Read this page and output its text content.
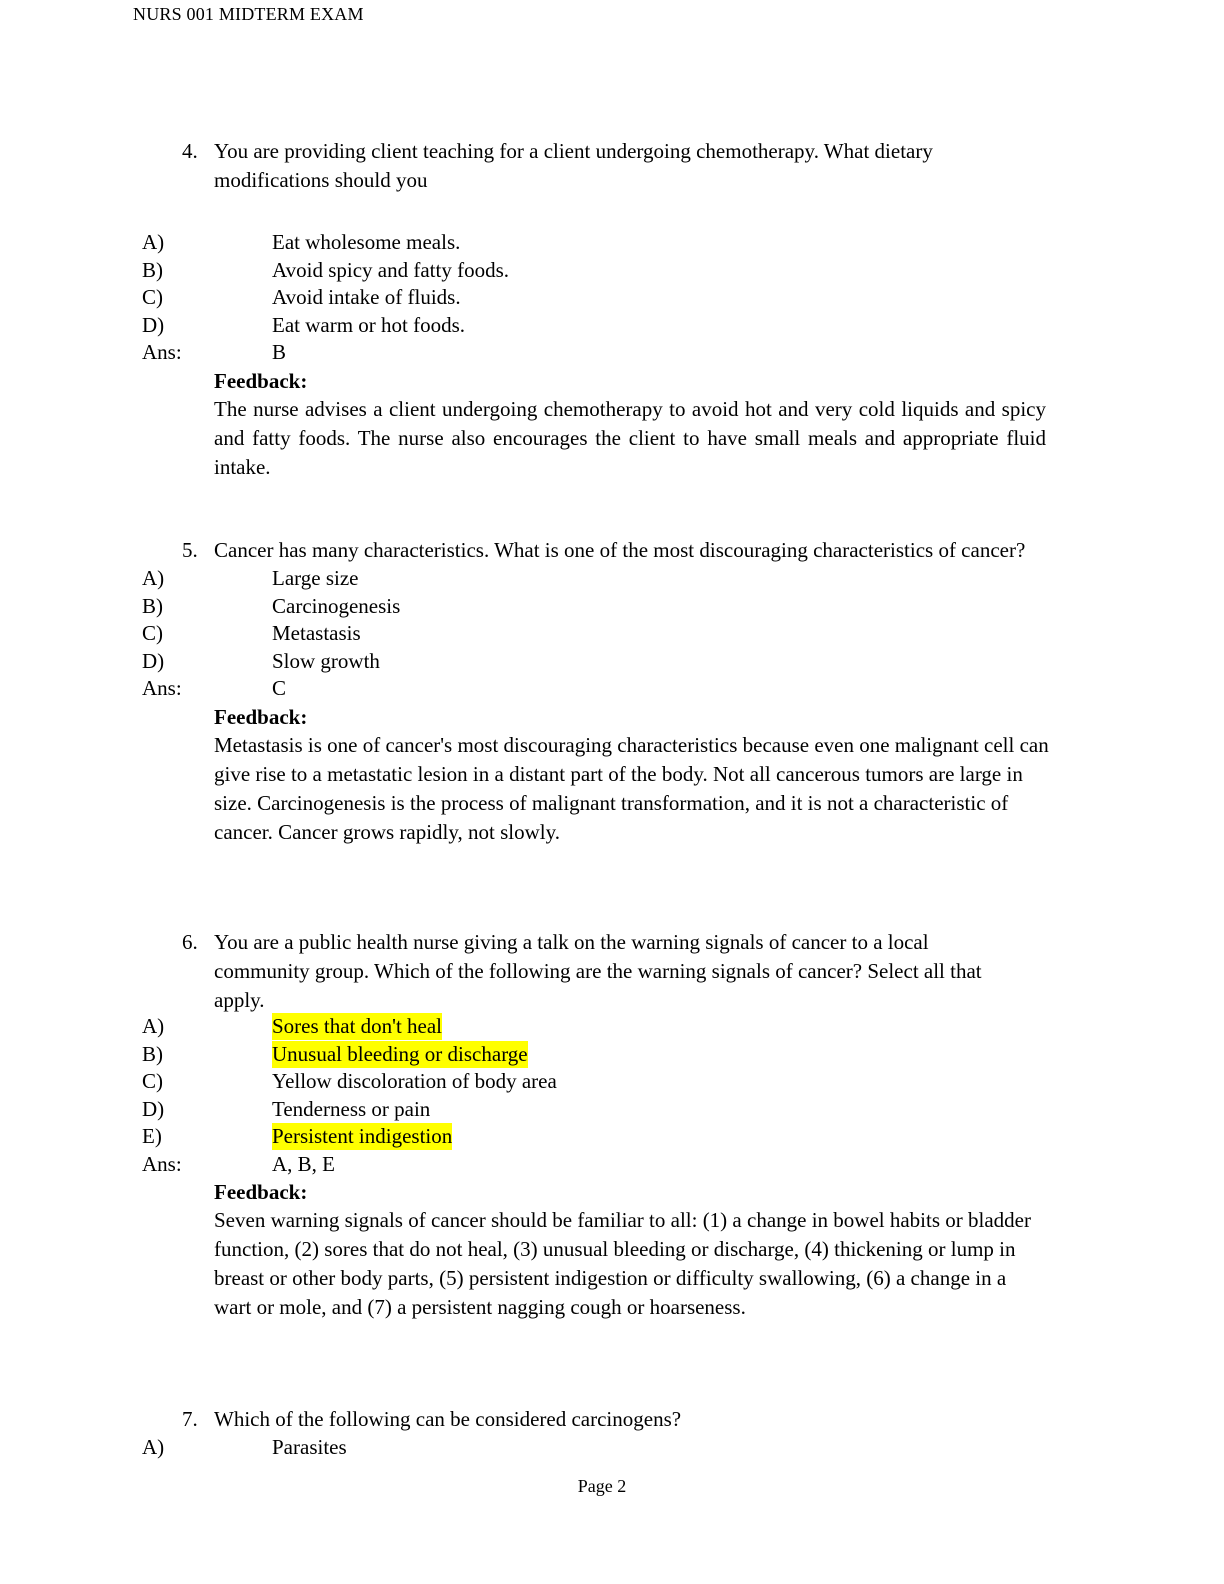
NURS 001 MIDTERM EXAM
4. You are providing client teaching for a client undergoing chemotherapy. What dietary modifications should you
A)	Eat wholesome meals.
B)	Avoid spicy and fatty foods.
C)	Avoid intake of fluids.
D)	Eat warm or hot foods.
Ans:	B
Feedback:
The nurse advises a client undergoing chemotherapy to avoid hot and very cold liquids and spicy and fatty foods. The nurse also encourages the client to have small meals and appropriate fluid intake.
5. Cancer has many characteristics. What is one of the most discouraging characteristics of cancer?
A)	Large size
B)	Carcinogenesis
C)	Metastasis
D)	Slow growth
Ans:	C
Feedback:
Metastasis is one of cancer's most discouraging characteristics because even one malignant cell can give rise to a metastatic lesion in a distant part of the body. Not all cancerous tumors are large in size. Carcinogenesis is the process of malignant transformation, and it is not a characteristic of cancer. Cancer grows rapidly, not slowly.
6. You are a public health nurse giving a talk on the warning signals of cancer to a local community group. Which of the following are the warning signals of cancer? Select all that apply.
A)	Sores that don't heal
B)	Unusual bleeding or discharge
C)	Yellow discoloration of body area
D)	Tenderness or pain
E)	Persistent indigestion
Ans:	A, B, E
Feedback:
Seven warning signals of cancer should be familiar to all: (1) a change in bowel habits or bladder function, (2) sores that do not heal, (3) unusual bleeding or discharge, (4) thickening or lump in breast or other body parts, (5) persistent indigestion or difficulty swallowing, (6) a change in a wart or mole, and (7) a persistent nagging cough or hoarseness.
7. Which of the following can be considered carcinogens?
A)	Parasites
Page 2
